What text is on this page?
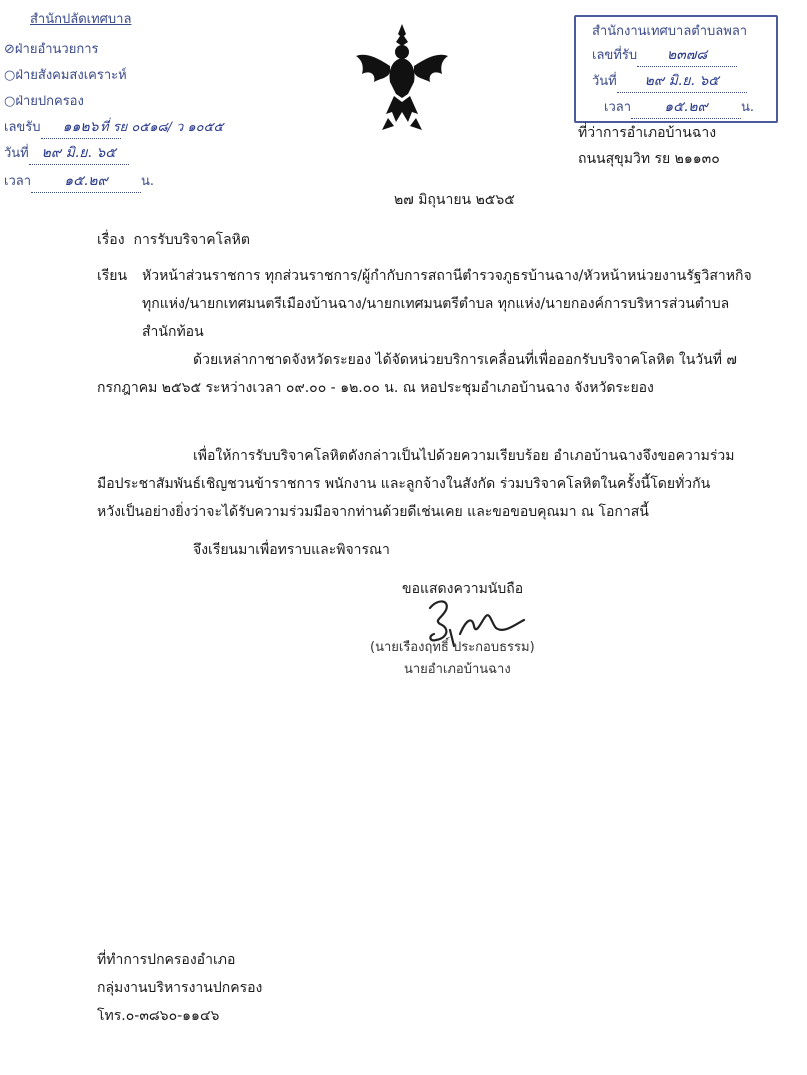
สำนักปลัดเทศบาล
⊘ฝ่ายอำนวยการ
○ฝ่ายสังคมสงเคราะห์
○ฝ่ายปกครอง
เลขรับ ๑๑๒๖ ที่ รย ๐๕๑๘/ ว ๑๐๕๕
วันที่ ๒๙ มิ.ย. ๖๕
เวลา ๑๕.๒๙	น.
สำนักงานเทศบาลตำบลพลา
เลขที่รับ ๒๓๗๘
วันที่ ๒๙ มิ.ย. ๖๕
เวลา ๑๕.๒๙	น.
ที่ว่าการอำเภอบ้านฉาง
ถนนสุขุมวิท รย ๒๑๑๓๐
๒๗ มิถุนายน ๒๕๖๕
เรื่อง การรับบริจาคโลหิต
เรียน หัวหน้าส่วนราชการ ทุกส่วนราชการ/ผู้กำกับการสถานีตำรวจภูธรบ้านฉาง/หัวหน้าหน่วยงานรัฐวิสาหกิจ
ทุกแห่ง/นายกเทศมนตรีเมืองบ้านฉาง/นายกเทศมนตรีตำบล ทุกแห่ง/นายกองค์การบริหารส่วนตำบล
สำนักท้อน
ด้วยเหล่ากาชาดจังหวัดระยอง ได้จัดหน่วยบริการเคลื่อนที่เพื่อออกรับบริจาคโลหิต ในวันที่ ๗ กรกฎาคม ๒๕๖๕ ระหว่างเวลา ๐๙.๐๐ - ๑๒.๐๐ น. ณ หอประชุมอำเภอบ้านฉาง จังหวัดระยอง
เพื่อให้การรับบริจาคโลหิตดังกล่าวเป็นไปด้วยความเรียบร้อย อำเภอบ้านฉางจึงขอความร่วมมือประชาสัมพันธ์เชิญชวนข้าราชการ พนักงาน และลูกจ้างในสังกัด ร่วมบริจาคโลหิตในครั้งนี้โดยทั่วกัน หวังเป็นอย่างยิ่งว่าจะได้รับความร่วมมือจากท่านด้วยดีเช่นเคย และขอขอบคุณมา ณ โอกาสนี้
จึงเรียนมาเพื่อทราบและพิจารณา
ขอแสดงความนับถือ
(นายเรืองฤทธิ์ ประกอบธรรม)
นายอำเภอบ้านฉาง
ที่ทำการปกครองอำเภอ
กลุ่มงานบริหารงานปกครอง
โทร.๐-๓๘๖๐-๑๑๔๖
